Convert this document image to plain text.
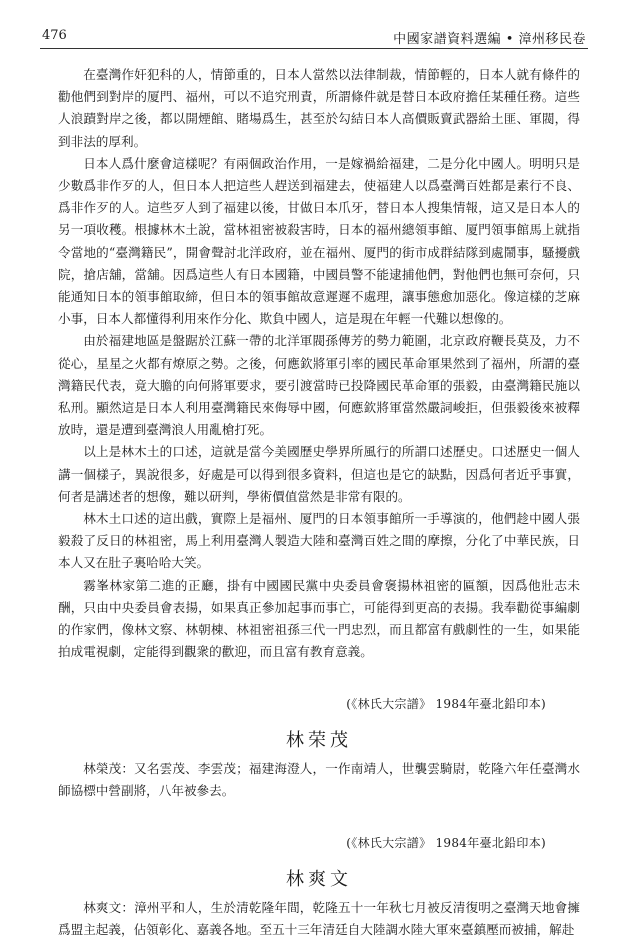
476	中國家譜資料選編 • 漳州移民卷

在臺灣作奸犯科的人，情節重的，日本人當然以法律制裁，情節輕的，日本人就有條件的勸他們到對岸的厦門、福州，可以不追究刑責，所謂條件就是替日本政府擔任某種任務。這些人浪蹟對岸之後，都以開煙館、賭場爲生，甚至於勾結日本人高價販賣武器給土匪、軍閥，得到非法的厚利。

日本人爲什麼會這樣呢？有兩個政治作用，一是嫁禍給福建，二是分化中國人。明明只是少數爲非作歹的人，但日本人把這些人趕送到福建去，使福建人以爲臺灣百姓都是素行不良、爲非作歹的人。這些歹人到了福建以後，甘做日本爪牙，替日本人搜集情報，這又是日本人的另一項收穫。根據林木土說，當林祖密被殺害時，日本的福州總領事館、厦門領事館馬上就指令當地的“臺灣籍民”，開會聲討北洋政府，並在福州、厦門的街市成群結隊到處鬧事，騷擾戲院，搶店舖，當舖。因爲這些人有日本國籍，中國員警不能逮捕他們，對他們也無可奈何，只能通知日本的領事館取締，但日本的領事館故意遲遲不處理，讓事態愈加惡化。像這樣的芝麻小事，日本人都懂得利用來作分化、欺負中國人，這是現在年輕一代難以想像的。

由於福建地區是盤踞於江蘇一帶的北洋軍閥孫傳芳的勢力範圍，北京政府鞭長莫及，力不從心，星星之火都有燎原之勢。之後，何應欽將軍引率的國民革命軍果然到了福州，所謂的臺灣籍民代表，竟大膽的向何將軍要求，要引渡當時已投降國民革命軍的張毅，由臺灣籍民施以私刑。顯然這是日本人利用臺灣籍民來侮辱中國，何應欽將軍當然嚴詞峻拒，但張毅後來被釋放時，還是遭到臺灣浪人用亂槍打死。

以上是林木土的口述，這就是當今美國歷史學界所風行的所謂口述歷史。口述歷史一個人講一個樣子，異說很多，好處是可以得到很多資料，但這也是它的缺點，因爲何者近乎事實，何者是講述者的想像，難以研判，學術價值當然是非常有限的。

林木土口述的這出戲，實際上是福州、厦門的日本領事館所一手導演的，他們趁中國人張毅殺了反日的林祖密，馬上利用臺灣人製造大陸和臺灣百姓之間的摩擦，分化了中華民族，日本人又在肚子裏哈哈大笑。

霧峯林家第二進的正廳，掛有中國國民黨中央委員會褒揚林祖密的匾額，因爲他壯志未酬，只由中央委員會表揚，如果真正參加起事而事亡，可能得到更高的表揚。我奉勸從事編劇的作家們，像林文察、林朝棟、林祖密祖孫三代一門忠烈，而且都富有戲劇性的一生，如果能拍成電視劇，定能得到觀衆的歡迎，而且富有教育意義。

(《林氏大宗譜》 1984年臺北鉛印本)
林荣茂

林榮茂：又名雲茂、李雲茂；福建海澄人，一作南靖人，世襲雲騎尉，乾隆六年任臺灣水師協標中營副將，八年被參去。

(《林氏大宗譜》 1984年臺北鉛印本)
林爽文

林爽文：漳州平和人，生於清乾隆年間，乾隆五十一年秋七月被反清復明之臺灣天地會擁爲盟主起義，佔領彰化、嘉義各地。至五十三年清廷自大陸調水陸大軍來臺鎮壓而被捕，解赴
